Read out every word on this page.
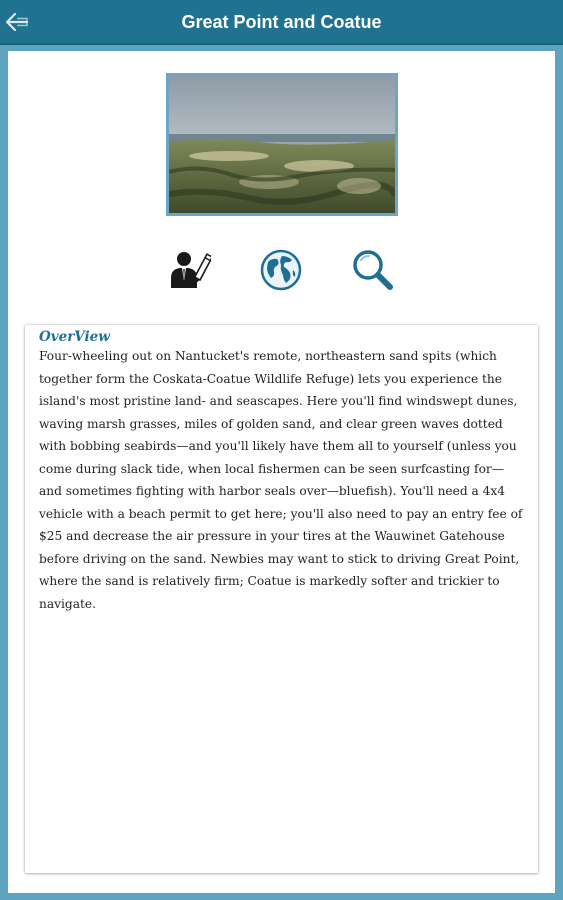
Great Point and Coatue
OverView
Four-wheeling out on Nantucket's remote, northeastern sand spits (which together form the Coskata-Coatue Wildlife Refuge) lets you experience the island's most pristine land- and seascapes. Here you'll find windswept dunes, waving marsh grasses, miles of golden sand, and clear green waves dotted with bobbing seabirds—and you'll likely have them all to yourself (unless you come during slack tide, when local fishermen can be seen surfcasting for—and sometimes fighting with harbor seals over—bluefish). You'll need a 4x4 vehicle with a beach permit to get here; you'll also need to pay an entry fee of $25 and decrease the air pressure in your tires at the Wauwinet Gatehouse before driving on the sand. Newbies may want to stick to driving Great Point, where the sand is relatively firm; Coatue is markedly softer and trickier to navigate.
